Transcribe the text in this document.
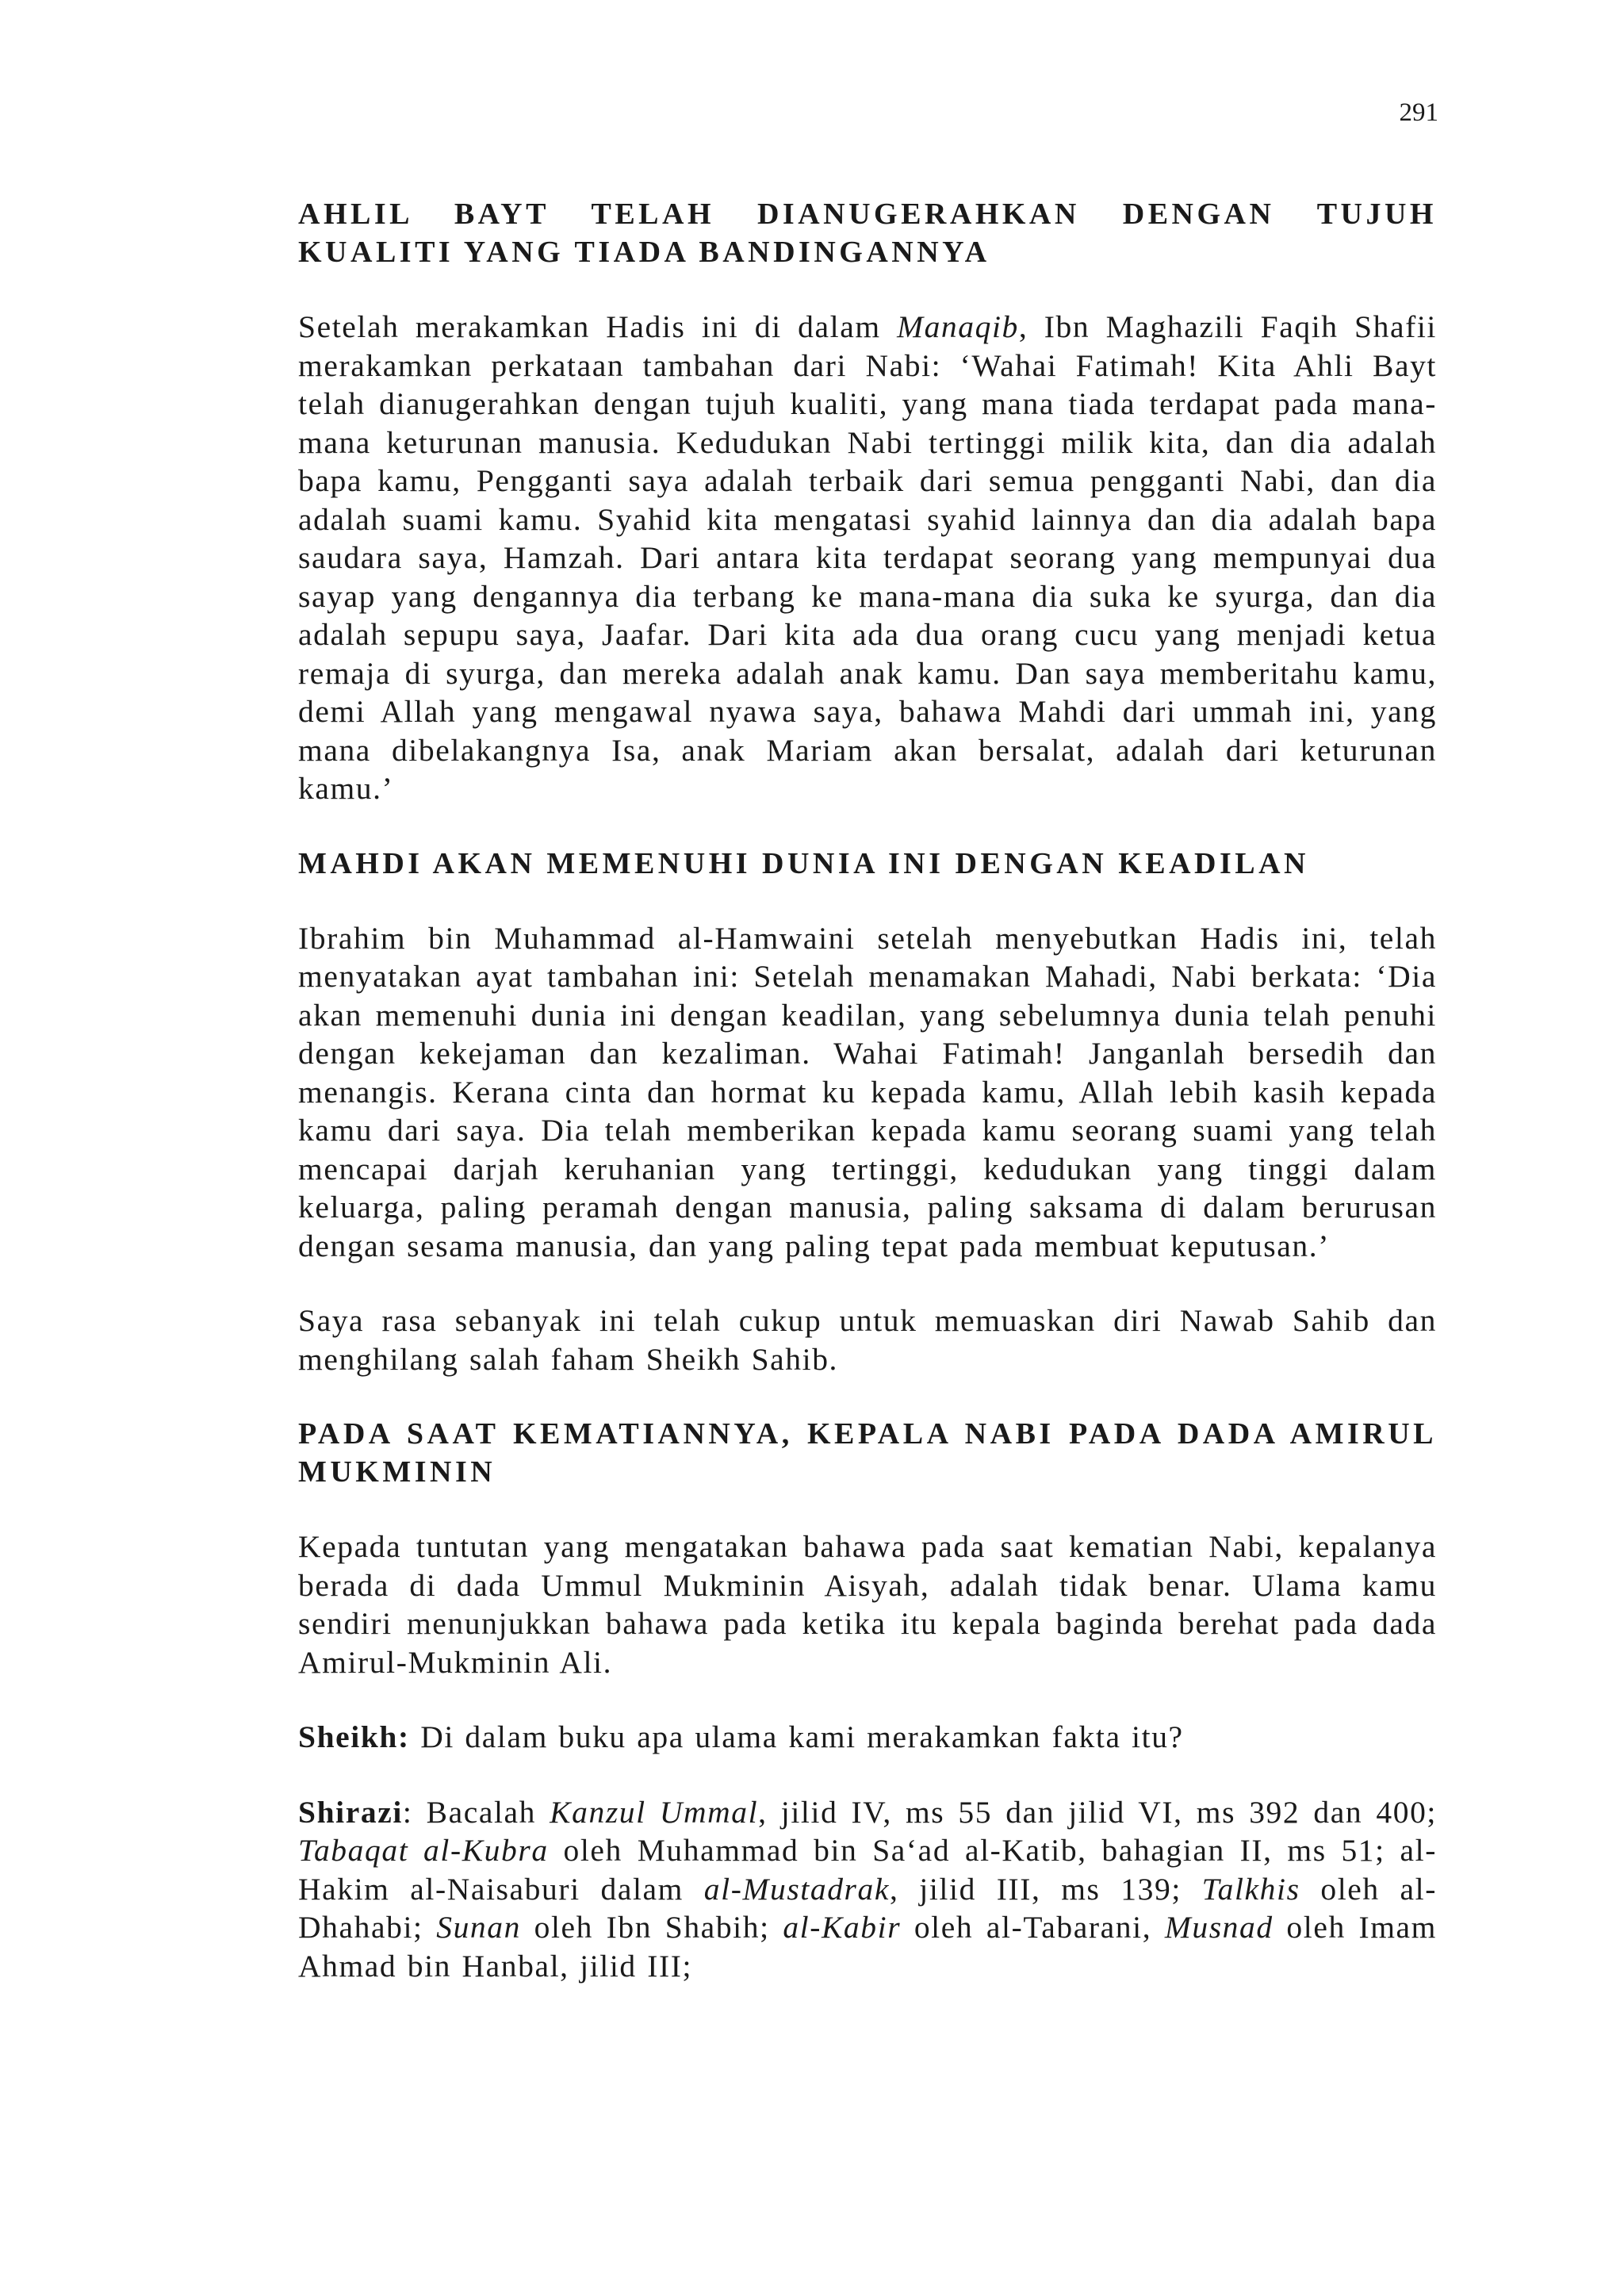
291
AHLIL BAYT TELAH DIANUGERAHKAN DENGAN TUJUH KUALITI YANG TIADA BANDINGANNYA

Setelah merakamkan Hadis ini di dalam Manaqib, Ibn Maghazili Faqih Shafii merakamkan perkataan tambahan dari Nabi: ‘Wahai Fatimah! Kita Ahli Bayt telah dianugerahkan dengan tujuh kualiti, yang mana tiada terdapat pada mana-mana keturunan manusia. Kedudukan Nabi tertinggi milik kita, dan dia adalah bapa kamu, Pengganti saya adalah terbaik dari semua pengganti Nabi, dan dia adalah suami kamu. Syahid kita mengatasi syahid lainnya dan dia adalah bapa saudara saya, Hamzah. Dari antara kita terdapat seorang yang mempunyai dua sayap yang dengannya dia terbang ke mana-mana dia suka ke syurga, dan dia adalah sepupu saya, Jaafar. Dari kita ada dua orang cucu yang menjadi ketua remaja di syurga, dan mereka adalah anak kamu. Dan saya memberitahu kamu, demi Allah yang mengawal nyawa saya, bahawa Mahdi dari ummah ini, yang mana dibelakangnya Isa, anak Mariam akan bersalat, adalah dari keturunan kamu.’

MAHDI AKAN MEMENUHI DUNIA INI DENGAN KEADILAN

Ibrahim bin Muhammad al-Hamwaini setelah menyebutkan Hadis ini, telah menyatakan ayat tambahan ini: Setelah menamakan Mahadi, Nabi berkata: ‘Dia akan memenuhi dunia ini dengan keadilan, yang sebelumnya dunia telah penuhi dengan kekejaman dan kezaliman. Wahai Fatimah! Janganlah bersedih dan menangis. Kerana cinta dan hormat ku kepada kamu, Allah lebih kasih kepada kamu dari saya. Dia telah memberikan kepada kamu seorang suami yang telah mencapai darjah keruhanian yang tertinggi, kedudukan yang tinggi dalam keluarga, paling peramah dengan manusia, paling saksama di dalam berurusan dengan sesama manusia, dan yang paling tepat pada membuat keputusan.’

Saya rasa sebanyak ini telah cukup untuk memuaskan diri Nawab Sahib dan menghilang salah faham Sheikh Sahib.

PADA SAAT KEMATIANNYA, KEPALA NABI PADA DADA AMIRUL MUKMININ

Kepada tuntutan yang mengatakan bahawa pada saat kematian Nabi, kepalanya berada di dada Ummul Mukminin Aisyah, adalah tidak benar. Ulama kamu sendiri menunjukkan bahawa pada ketika itu kepala baginda berehat pada dada Amirul-Mukminin Ali.

Sheikh: Di dalam buku apa ulama kami merakamkan fakta itu?

Shirazi: Bacalah Kanzul Ummal, jilid IV, ms 55 dan jilid VI, ms 392 dan 400; Tabaqat al-Kubra oleh Muhammad bin Sa‘ad al-Katib, bahagian II, ms 51; al-Hakim al-Naisaburi dalam al-Mustadrak, jilid III, ms 139; Talkhis oleh al-Dhahabi; Sunan oleh Ibn Shabih; al-Kabir oleh al-Tabarani, Musnad oleh Imam Ahmad bin Hanbal, jilid III;
